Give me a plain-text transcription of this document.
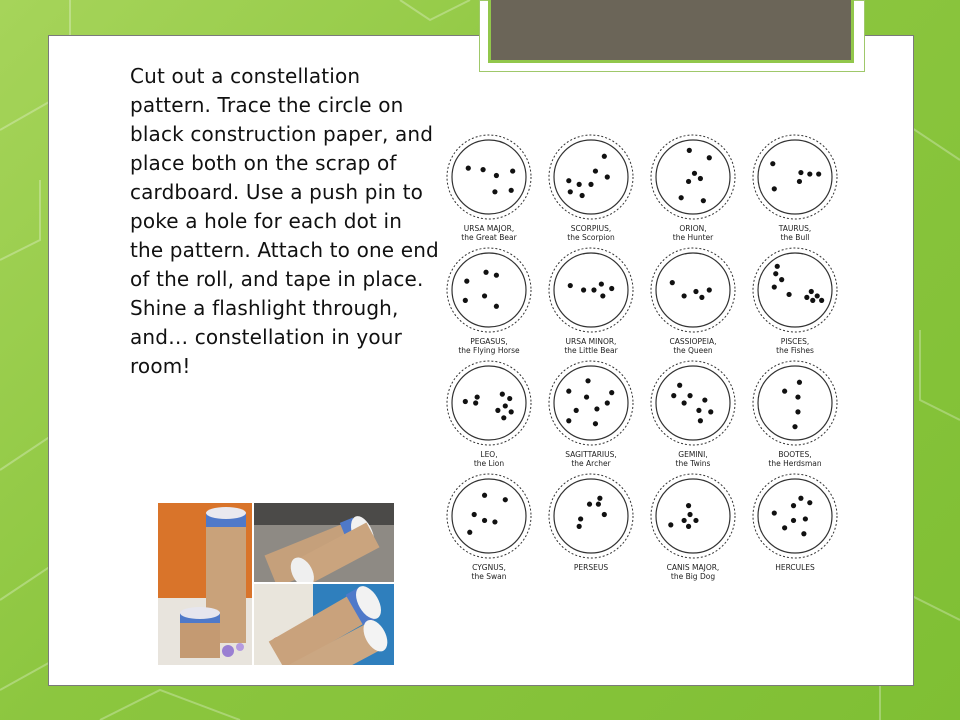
Cut out a constellation pattern. Trace the circle on black construction paper, and place both on the scrap of cardboard. Use a push pin to poke a hole for each dot in the pattern. Attach to one end of the roll, and tape in place. Shine a flashlight through, and… constellation in your room!
URSA MAJOR,
the Great Bear
SCORPIUS,
the Scorpion
ORION,
the Hunter
TAURUS,
the Bull
PEGASUS,
the Flying Horse
URSA MINOR,
the Little Bear
CASSIOPEIA,
the Queen
PISCES,
the Fishes
LEO,
the Lion
SAGITTARIUS,
the Archer
GEMINI,
the Twins
BOOTES,
the Herdsman
CYGNUS,
the Swan
PERSEUS	CANIS MAJOR,
the Big Dog
HERCULES
